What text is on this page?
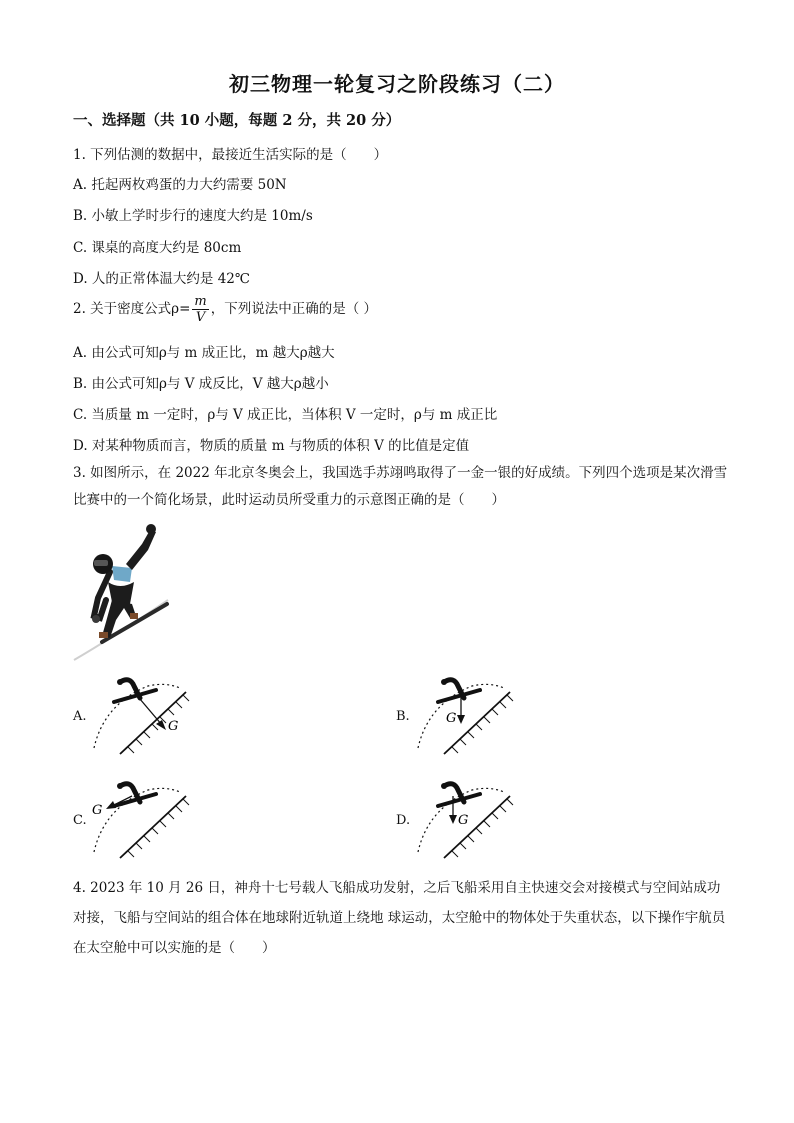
初三物理一轮复习之阶段练习（二）
一、选择题（共 10 小题，每题 2 分，共 20 分）
1. 下列估测的数据中，最接近生活实际的是（　　）
A. 托起两枚鸡蛋的力大约需要 50N
B. 小敏上学时步行的速度大约是 10m/s
C. 课桌的高度大约是 80cm
D. 人的正常体温大约是 42℃
2. 关于密度公式$\rho= \frac{m}{V}$ ，下列说法中正确的是（ ）
A. 由公式可知ρ与 m 成正比，m 越大ρ越大
B. 由公式可知ρ与 V 成反比，V 越大ρ越小
C. 当质量 m 一定时，ρ与 V 成正比，当体积 V 一定时，ρ与 m 成正比
D. 对某种物质而言，物质的质量 m 与物质的体积 V 的比值是定值
3. 如图所示，在 2022 年北京冬奥会上，我国选手苏翊鸣取得了一金一银的好成绩。下列四个选项是某次滑雪比赛中的一个简化场景，此时运动员所受重力的示意图正确的是（　　）
A.	B.
C.	D.
G
G
G
G
4. 2023 年 10 月 26 日，神舟十七号载人飞船成功发射，之后飞船采用自主快速交会对接模式与空间站成功对接，飞船与空间站的组合体在地球附近轨道上绕地 球运动，太空舱中的物体处于失重状态，以下操作宇航员在太空舱中可以实施的是（　　）
